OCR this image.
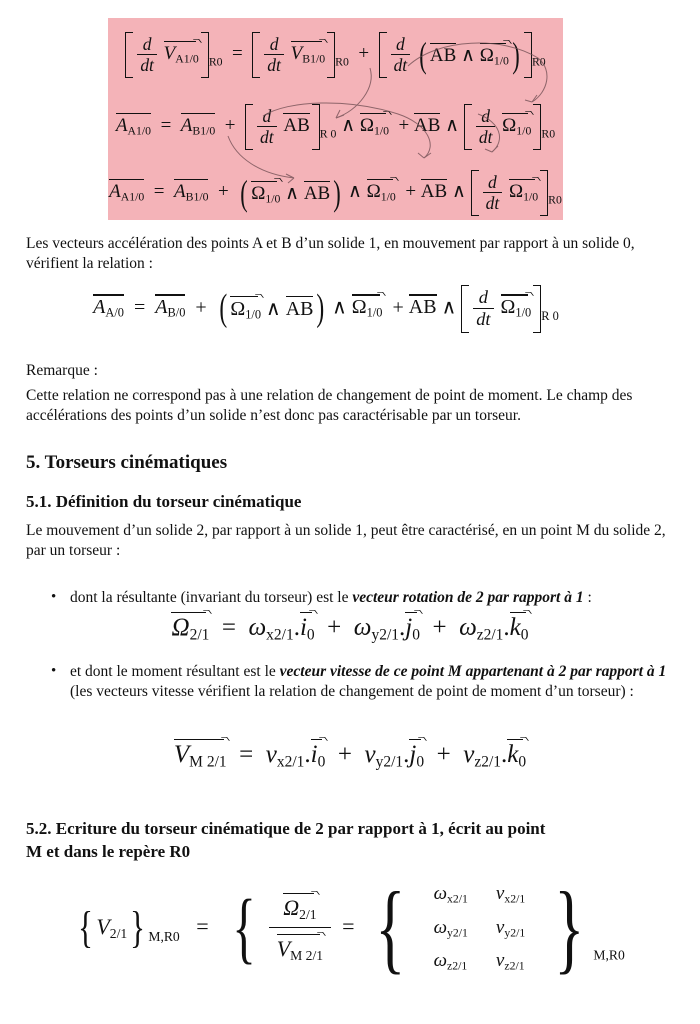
$\frac{d}{dt} V_{A1/0}$ $_{R0} = \frac{d}{dt} V_{B1/0}$ $_{R0} + \frac{d}{dt}$
( AB ∧ $\Omega_{1/0}$ ) $_{R0}$
$A_{A1/0} = A_{B1/0} + \frac{d}{dt}$ AB $_{R 0}$ ∧ $\Omega_{1/0}$  + AB ∧ $\frac{d}{dt} \Omega_{1/0}$ $_{R0}$
$A_{A1/0} = A_{B1/0}$  + ( $\Omega_{1/0}$ ∧ AB ) ∧ $\Omega_{1/0}$  + AB ∧ $\frac{d}{dt} \Omega_{1/0}$ $_{R0}$
Les vecteurs accélération des points A et B d’un solide 1, en mouvement par rapport à un solide 0, vérifient la relation :
$A_{A/0} = A_{B/0}$  + ( $\Omega_{1/0}$ ∧ AB ) ∧ $\Omega_{1/0}$  + AB ∧ $\frac{d}{dt} \Omega_{1/0}$ $_{R 0}$
Remarque :
Cette relation ne correspond pas à une relation de changement de point de moment. Le champ des accélérations des points d’un solide n’est donc pas caractérisable par un torseur.
5. Torseurs cinématiques
5.1. Définition du torseur cinématique
Le mouvement d’un solide 2, par rapport à un solide 1, peut être caractérisé, en un point M du solide 2, par un torseur :
• dont la résultante (invariant du torseur) est le vecteur rotation de 2 par rapport à 1 :
$\Omega_{2/1} = \omega_{x2/1}.i_0 + \omega_{y2/1}.j_0 + \omega_{z2/1}.k_0$
• et dont le moment résultant est le vecteur vitesse de ce point M appartenant à 2 par rapport à 1 (les vecteurs vitesse vérifient la relation de changement de point de moment d’un torseur) :
$V_{M 2/1} = v_{x2/1}.i_0 + v_{y2/1}.j_0 + v_{z2/1}.k_0$
5.2. Ecriture du torseur cinématique de 2 par rapport à 1, écrit au point
M et dans le repère R0
{ $V_{2/1}$ } $_{M,R0}$   =   { $\frac{\Omega_{2/1}}{V_{M 2/1}}$ =  { $\omega_{x2/1}$	$v_{x2/1}$
$\omega_{y2/1}$	$v_{y2/1}$
$\omega_{z2/1}$	$v_{z2/1}$ } $_{M,R0}$
